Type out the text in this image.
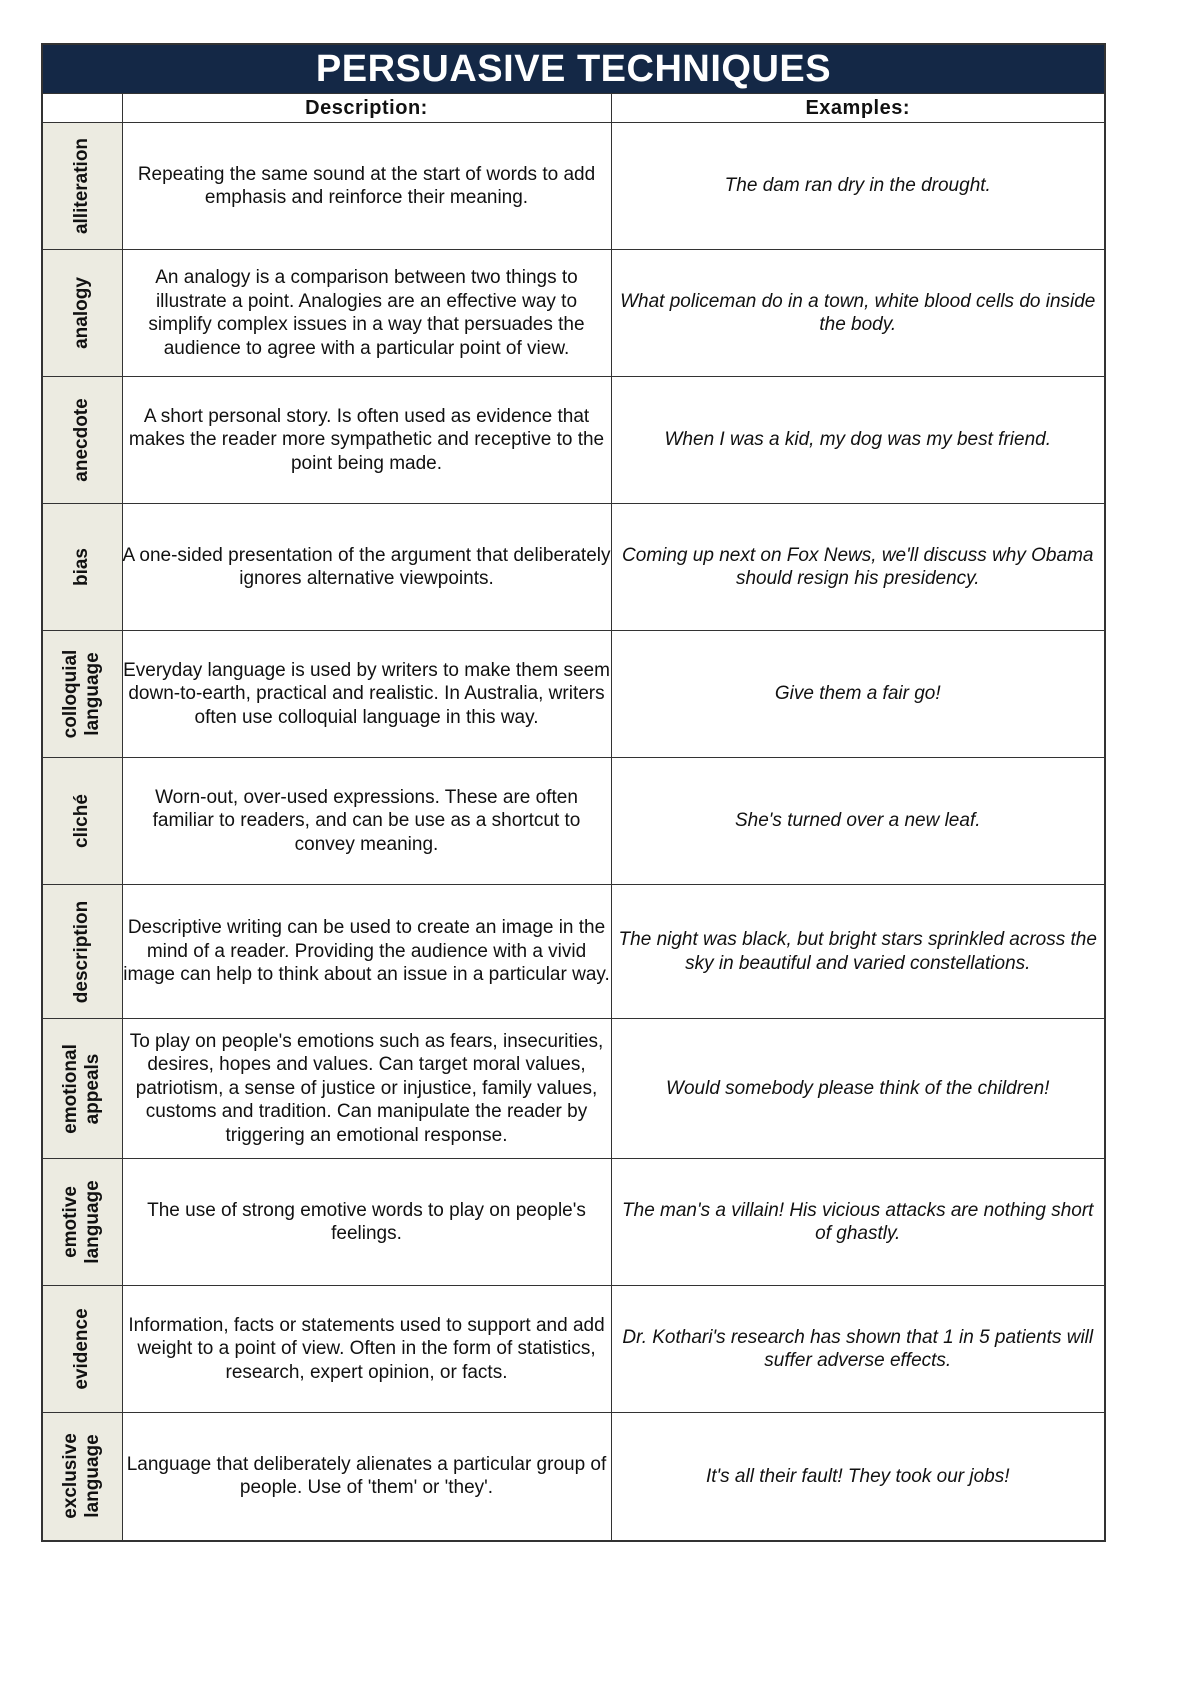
PERSUASIVE TECHNIQUES
	Description:	Examples:

alliteration	Repeating the same sound at the start of words to add emphasis and reinforce their meaning.	The dam ran dry in the drought.

analogy	An analogy is a comparison between two things to illustrate a point. Analogies are an effective way to simplify complex issues in a way that persuades the audience to agree with a particular point of view.	What policeman do in a town, white blood cells do inside the body.

anecdote	A short personal story. Is often used as evidence that makes the reader more sympathetic and receptive to the point being made.	When I was a kid, my dog was my best friend.

bias	A one-sided presentation of the argument that deliberately ignores alternative viewpoints.	Coming up next on Fox News, we'll discuss why Obama should resign his presidency.

colloquial language	Everyday language is used by writers to make them seem down-to-earth, practical and realistic. In Australia, writers often use colloquial language in this way.	Give them a fair go!

cliché	Worn-out, over-used expressions. These are often familiar to readers, and can be use as a shortcut to convey meaning.	She's turned over a new leaf.

description	Descriptive writing can be used to create an image in the mind of a reader. Providing the audience with a vivid image can help to think about an issue in a particular way.	The night was black, but bright stars sprinkled across the sky in beautiful and varied constellations.

emotional appeals	To play on people's emotions such as fears, insecurities, desires, hopes and values. Can target moral values, patriotism, a sense of justice or injustice, family values, customs and tradition. Can manipulate the reader by triggering an emotional response.	Would somebody please think of the children!

emotive language	The use of strong emotive words to play on people's feelings.	The man's a villain! His vicious attacks are nothing short of ghastly.

evidence	Information, facts or statements used to support and add weight to a point of view. Often in the form of statistics, research, expert opinion, or facts.	Dr. Kothari's research has shown that 1 in 5 patients will suffer adverse effects.

exclusive language	Language that deliberately alienates a particular group of people. Use of 'them' or 'they'.	It's all their fault! They took our jobs!
